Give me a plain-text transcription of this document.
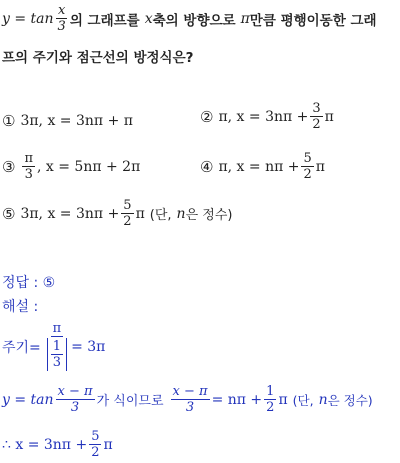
$y = \tan \frac{x}{3}$ 의 그래프를 x 축의 방향으로 π 만큼 평행이동한 그래
프의 주기와 점근선의 방정식은?
① 3π, x = 3nπ + π	② π, $x = 3n\pi + \frac{3}{2}$ π
③ $\frac{\pi}{3}$ , x = 5nπ + 2π	④ π, $x = n\pi + \frac{5}{2}$ π
⑤ 3π, $x = 3n\pi + \frac{5}{2}$ π (단, n 은 정수)
정답 : ⑤
해설 :
주기= $\frac{\pi}{\frac{1}{3}} = 3\pi$
$y = \tan \frac{x - \pi}{3}$ 가 식이므로 $\frac{x - \pi}{3} = n\pi + \frac{1}{2}$ π (단, n 은 정수)
∴ $x = 3n\pi + \frac{5}{2}$ π
